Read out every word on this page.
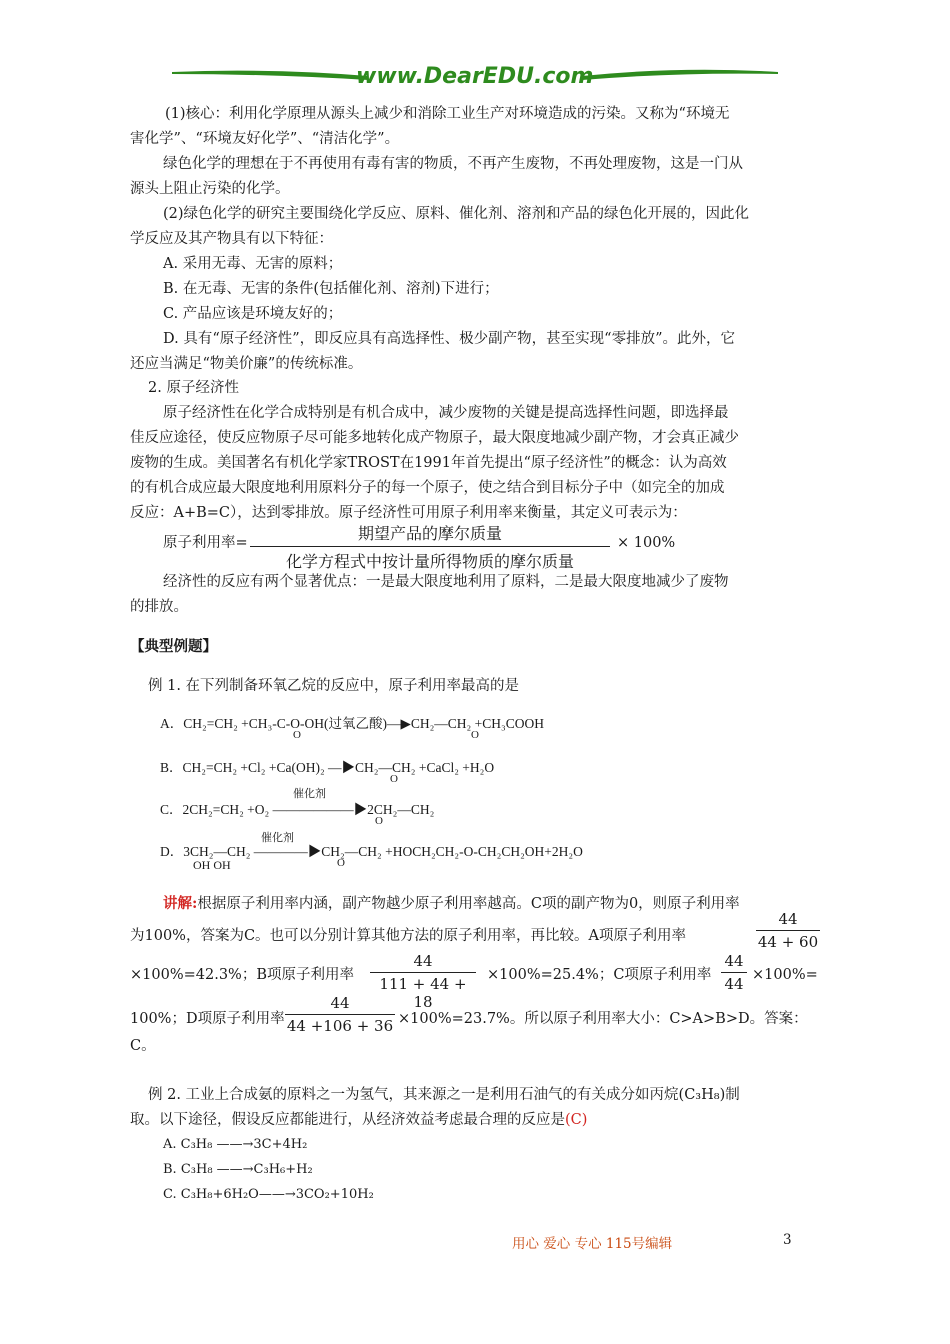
www.DearEDU.com
(1)核心：利用化学原理从源头上减少和消除工业生产对环境造成的污染。又称为“环境无
害化学”、“环境友好化学”、“清洁化学”。
绿色化学的理想在于不再使用有毒有害的物质，不再产生废物，不再处理废物，这是一门从
源头上阻止污染的化学。
(2)绿色化学的研究主要围绕化学反应、原料、催化剂、溶剂和产品的绿色化开展的，因此化
学反应及其产物具有以下特征：
A. 采用无毒、无害的原料；
B. 在无毒、无害的条件(包括催化剂、溶剂)下进行；
C. 产品应该是环境友好的；
D. 具有“原子经济性”，即反应具有高选择性、极少副产物，甚至实现“零排放”。此外，它
还应当满足“物美价廉”的传统标准。
2. 原子经济性
原子经济性在化学合成特别是有机合成中，减少废物的关键是提高选择性问题，即选择最
佳反应途径，使反应物原子尽可能多地转化成产物原子，最大限度地减少副产物，才会真正减少
废物的生成。美国著名有机化学家TROST在1991年首先提出“原子经济性”的概念：认为高效
的有机合成应最大限度地利用原料分子的每一个原子，使之结合到目标分子中（如完全的加成
反应：A+B=C），达到零排放。原子经济性可用原子利用率来衡量，其定义可表示为：
原子利用率=	期望产品的摩尔质量
化学方程式中按计量所得物质的摩尔质量
× 100%
经济性的反应有两个显著优点：一是最大限度地利用了原料，二是最大限度地减少了废物
的排放。
【典型例题】
例 1. 在下列制备环氧乙烷的反应中，原子利用率最高的是
A．CH₂=CH₂ +CH₃-C-O-OH(过氧乙酸)—▶CH₂—CH₂ +CH₃COOH
O	O
B．CH₂=CH₂ +Cl₂ +Ca(OH)₂ —▶CH₂—CH₂ +CaCl₂ +H₂O
O
催化剂
C．2CH₂=CH₂ +O₂ ——————▶2CH₂—CH₂
O
催化剂
D．3CH₂—CH₂ ————▶CH₂—CH₂ +HOCH₂CH₂-O-CH₂CH₂OH+2H₂O
OH OH	O
讲解:根据原子利用率内涵，副产物越少原子利用率越高。C项的副产物为0，则原子利用率
为100%，答案为C。也可以分别计算其他方法的原子利用率，再比较。A项原子利用率
44
44 + 60
×100%=42.3%；B项原子利用率
44
111 + 44 + 18
×100%=25.4%；C项原子利用率
44
44 ×100%=
100%；D项原子利用率
44
44 +106 + 36 ×100%=23.7%。所以原子利用率大小：C>A>B>D。答案：
C。
例 2. 工业上合成氨的原料之一为氢气，其来源之一是利用石油气的有关成分如丙烷(C₃H₈)制
取。以下途径，假设反应都能进行，从经济效益考虑最合理的反应是(C)
A. C₃H₈ ——→3C+4H₂
B. C₃H₈ ——→C₃H₆+H₂
C. C₃H₈+6H₂O——→3CO₂+10H₂
用心 爱心 专心 115号编辑	3
